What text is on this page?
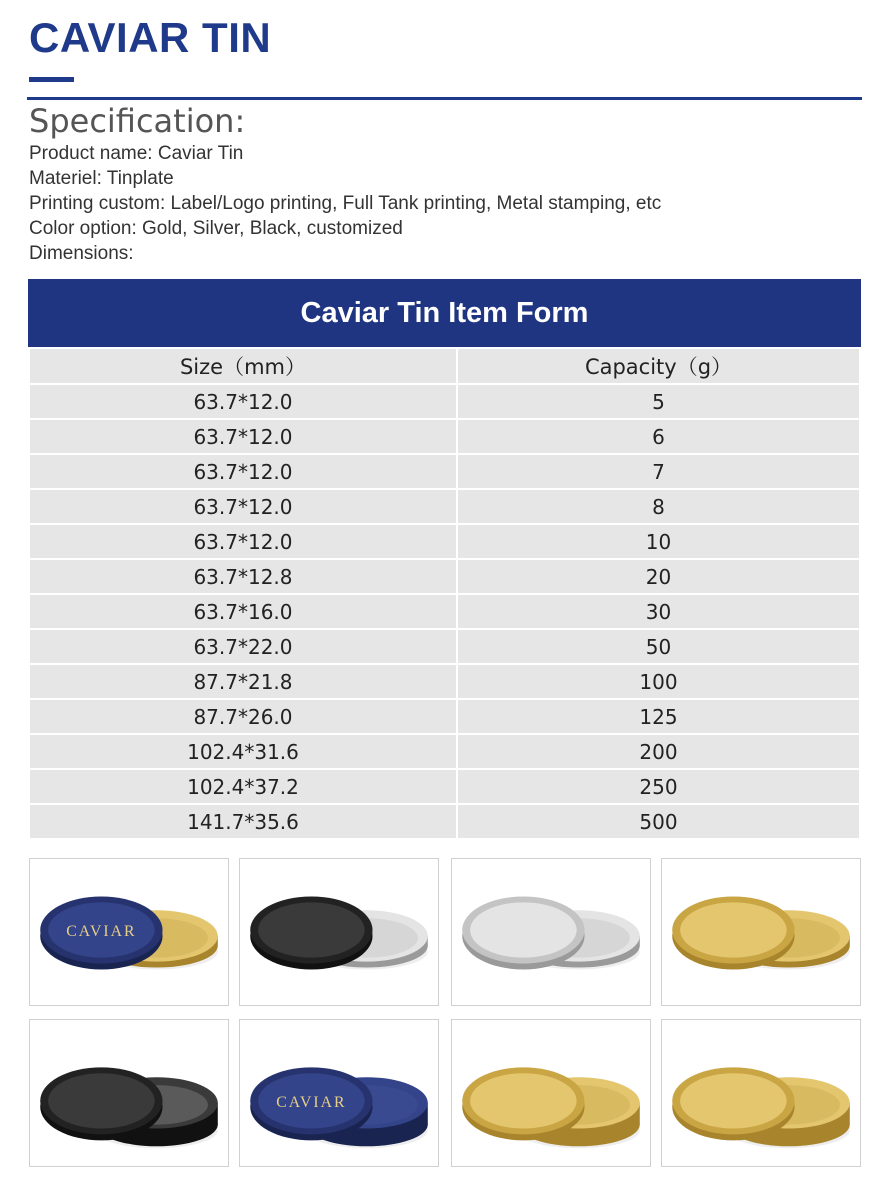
CAVIAR TIN
Specification:
Product name: Caviar Tin
Materiel: Tinplate
Printing custom: Label/Logo printing, Full Tank printing, Metal stamping, etc
Color option: Gold, Silver, Black, customized
Dimensions:
Caviar Tin Item Form
Size（mm）	Capacity（g）
63.7*12.0	5
63.7*12.0	6
63.7*12.0	7
63.7*12.0	8
63.7*12.0	10
63.7*12.8	20
63.7*16.0	30
63.7*22.0	50
87.7*21.8	100
87.7*26.0	125
102.4*31.6	200
102.4*37.2	250
141.7*35.6	500
CAVIAR
CAVIAR
